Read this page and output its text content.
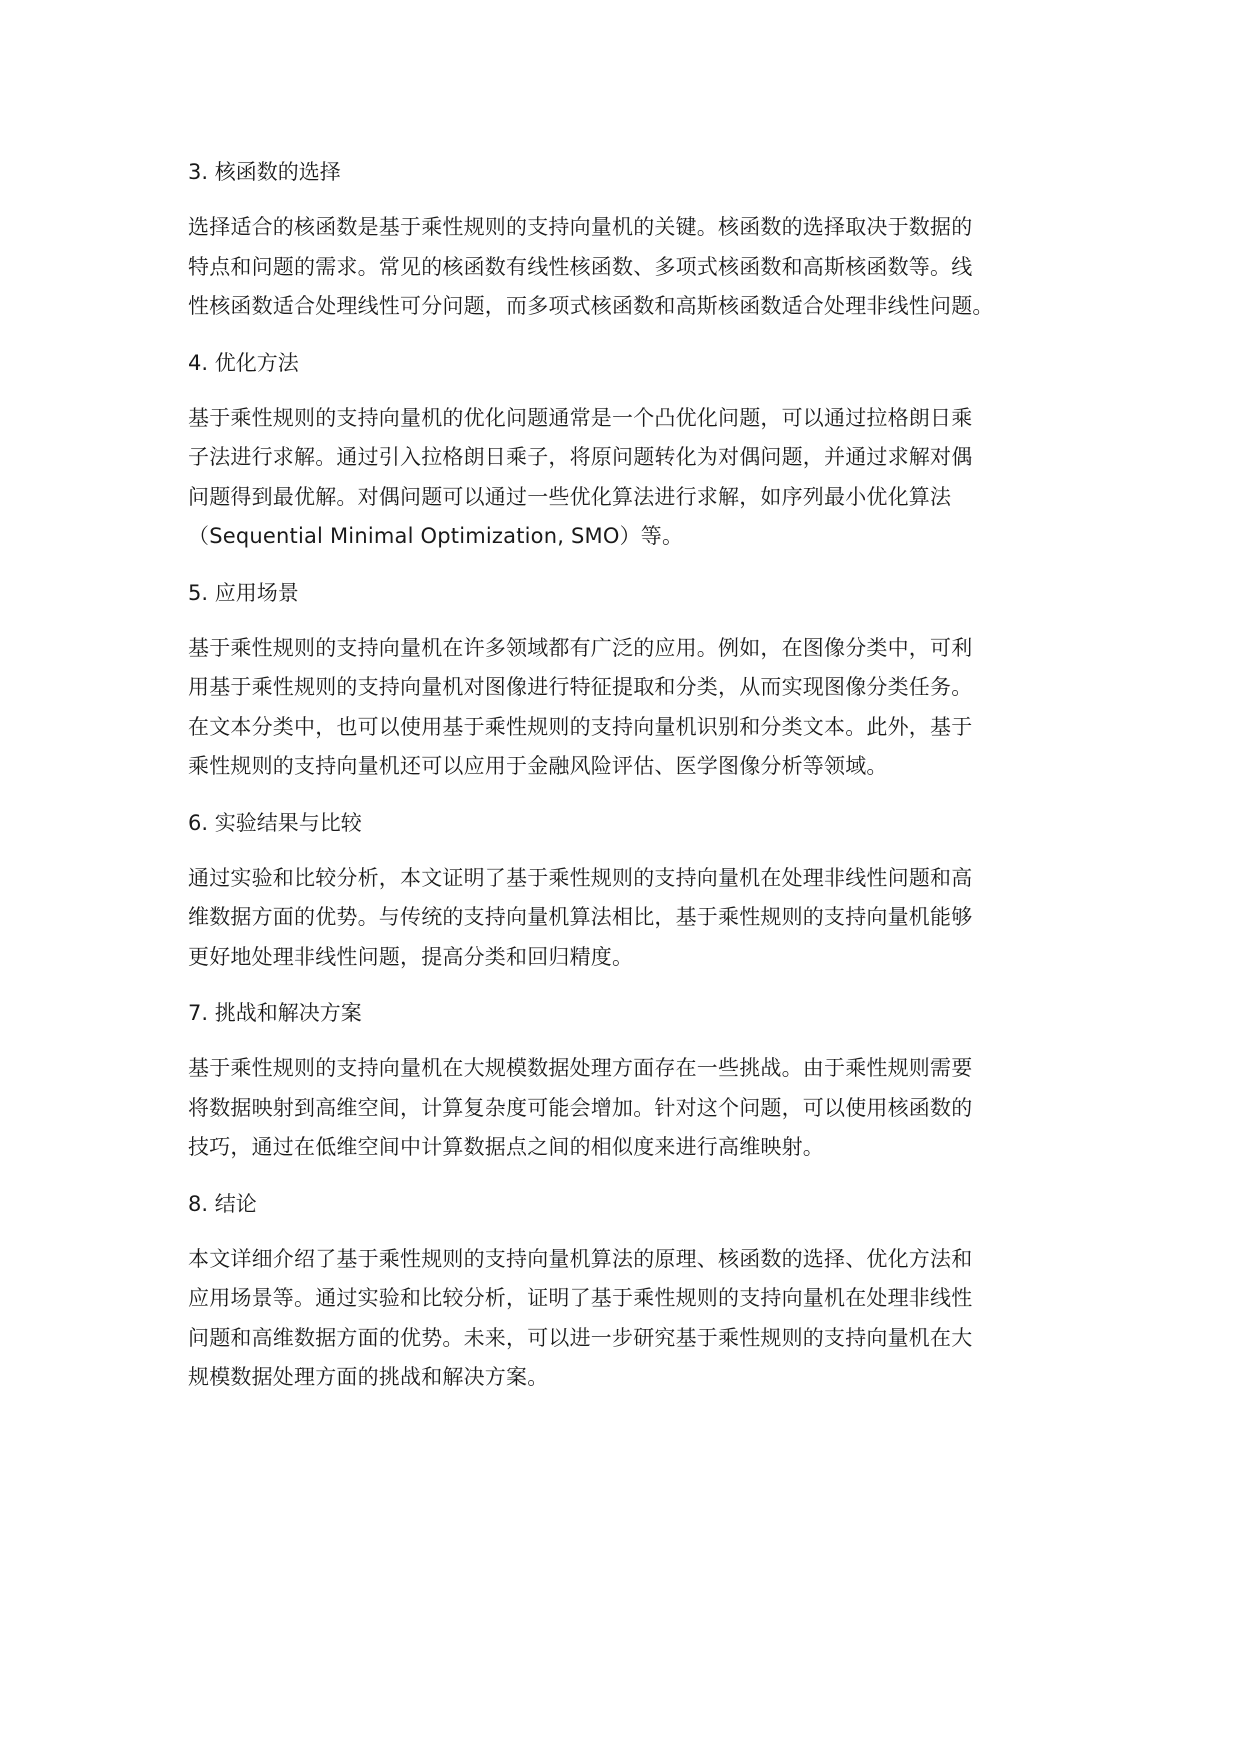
3. 核函数的选择
选择适合的核函数是基于乘性规则的支持向量机的关键。核函数的选择取决于数据的
特点和问题的需求。常见的核函数有线性核函数、多项式核函数和高斯核函数等。线
性核函数适合处理线性可分问题，而多项式核函数和高斯核函数适合处理非线性问题。
4. 优化方法
基于乘性规则的支持向量机的优化问题通常是一个凸优化问题，可以通过拉格朗日乘
子法进行求解。通过引入拉格朗日乘子，将原问题转化为对偶问题，并通过求解对偶
问题得到最优解。对偶问题可以通过一些优化算法进行求解，如序列最小优化算法
（Sequential Minimal Optimization, SMO）等。
5. 应用场景
基于乘性规则的支持向量机在许多领域都有广泛的应用。例如，在图像分类中，可利
用基于乘性规则的支持向量机对图像进行特征提取和分类，从而实现图像分类任务。
在文本分类中，也可以使用基于乘性规则的支持向量机识别和分类文本。此外，基于
乘性规则的支持向量机还可以应用于金融风险评估、医学图像分析等领域。
6. 实验结果与比较
通过实验和比较分析，本文证明了基于乘性规则的支持向量机在处理非线性问题和高
维数据方面的优势。与传统的支持向量机算法相比，基于乘性规则的支持向量机能够
更好地处理非线性问题，提高分类和回归精度。
7. 挑战和解决方案
基于乘性规则的支持向量机在大规模数据处理方面存在一些挑战。由于乘性规则需要
将数据映射到高维空间，计算复杂度可能会增加。针对这个问题，可以使用核函数的
技巧，通过在低维空间中计算数据点之间的相似度来进行高维映射。
8. 结论
本文详细介绍了基于乘性规则的支持向量机算法的原理、核函数的选择、优化方法和
应用场景等。通过实验和比较分析，证明了基于乘性规则的支持向量机在处理非线性
问题和高维数据方面的优势。未来，可以进一步研究基于乘性规则的支持向量机在大
规模数据处理方面的挑战和解决方案。
